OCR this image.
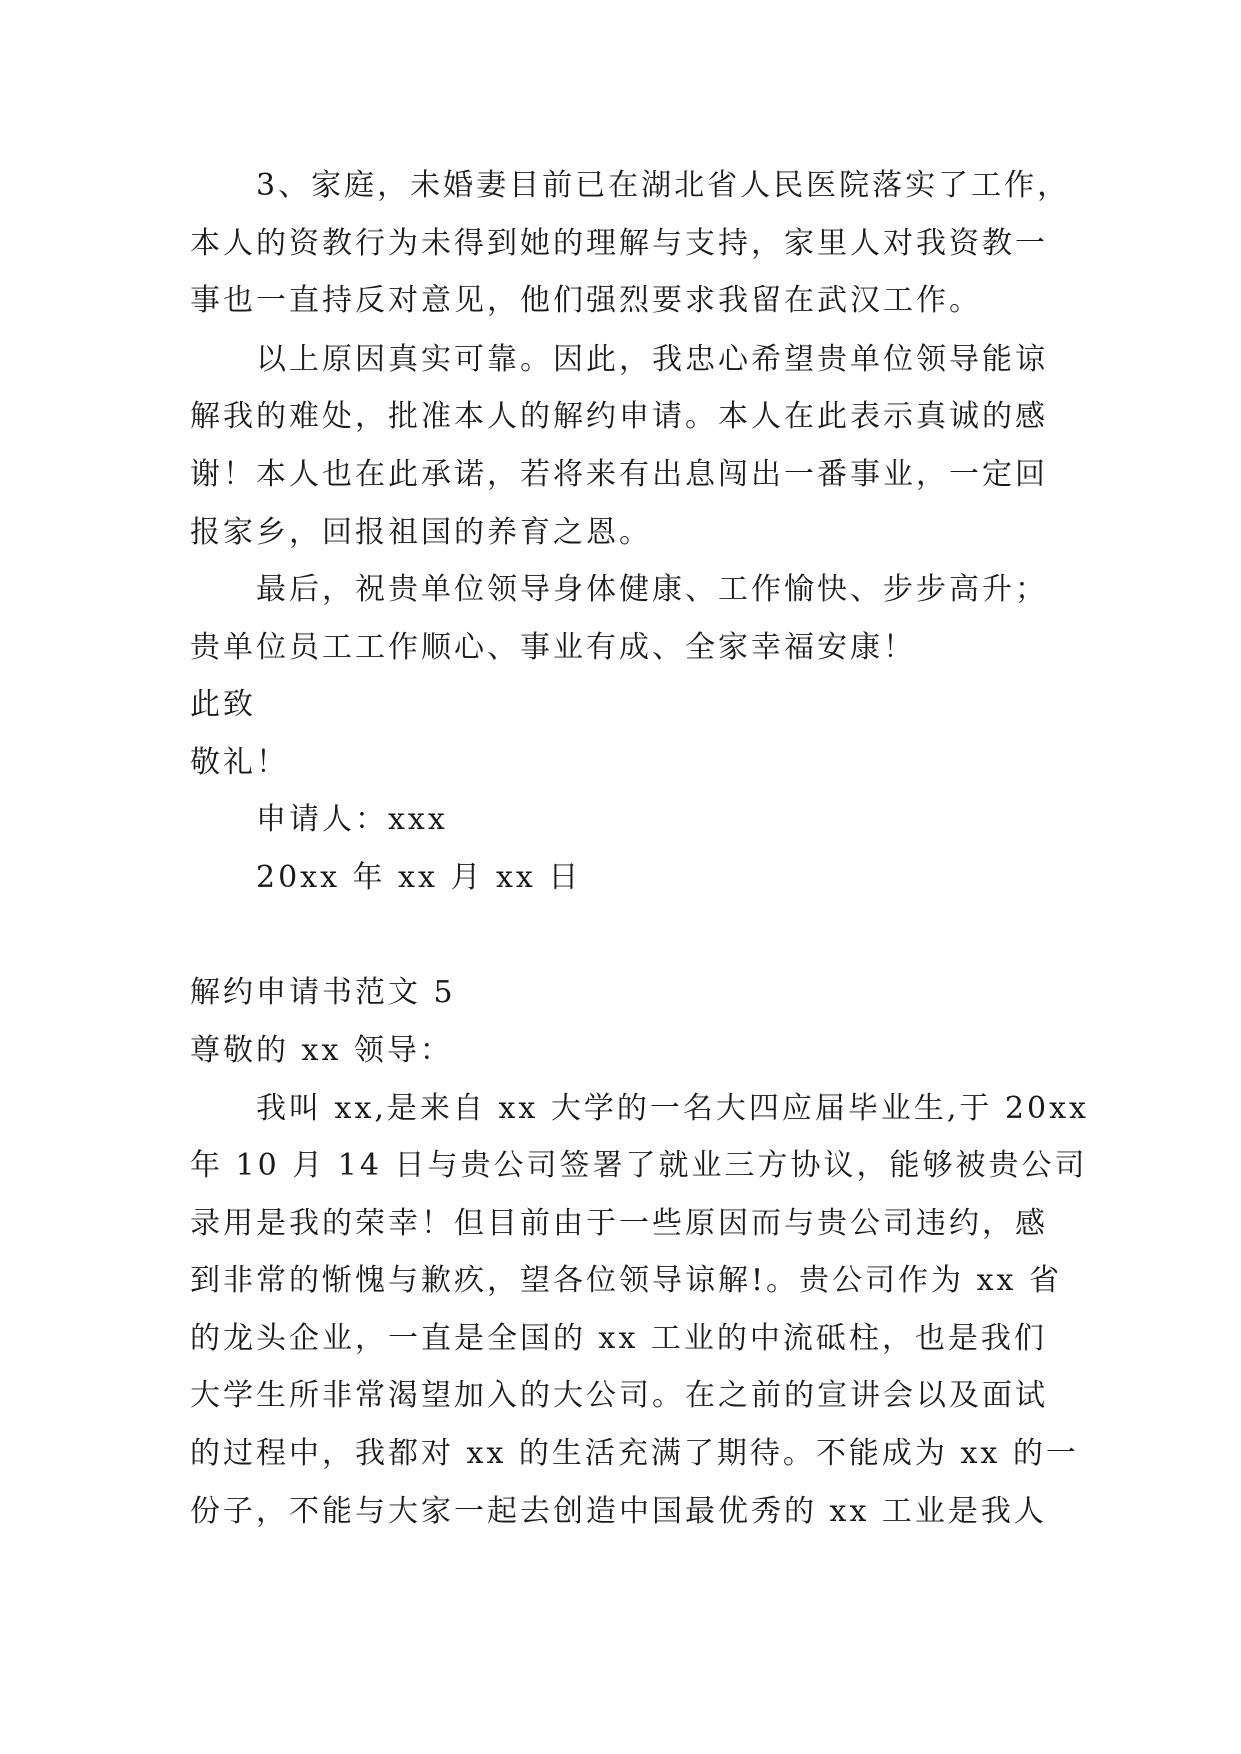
3、家庭，未婚妻目前已在湖北省人民医院落实了工作，
本人的资教行为未得到她的理解与支持，家里人对我资教一
事也一直持反对意见，他们强烈要求我留在武汉工作。
以上原因真实可靠。因此，我忠心希望贵单位领导能谅
解我的难处，批准本人的解约申请。本人在此表示真诚的感
谢！本人也在此承诺，若将来有出息闯出一番事业，一定回
报家乡，回报祖国的养育之恩。
最后，祝贵单位领导身体健康、工作愉快、步步高升；
贵单位员工工作顺心、事业有成、全家幸福安康！
此致
敬礼！
申请人：xxx
20xx 年 xx 月 xx 日
解约申请书范文 5
尊敬的 xx 领导：
我叫 xx,是来自 xx 大学的一名大四应届毕业生,于 20xx
年 10 月 14 日与贵公司签署了就业三方协议，能够被贵公司
录用是我的荣幸！但目前由于一些原因而与贵公司违约，感
到非常的惭愧与歉疚，望各位领导谅解!。贵公司作为 xx 省
的龙头企业，一直是全国的 xx 工业的中流砥柱，也是我们
大学生所非常渴望加入的大公司。在之前的宣讲会以及面试
的过程中，我都对 xx 的生活充满了期待。不能成为 xx 的一
份子，不能与大家一起去创造中国最优秀的 xx 工业是我人
